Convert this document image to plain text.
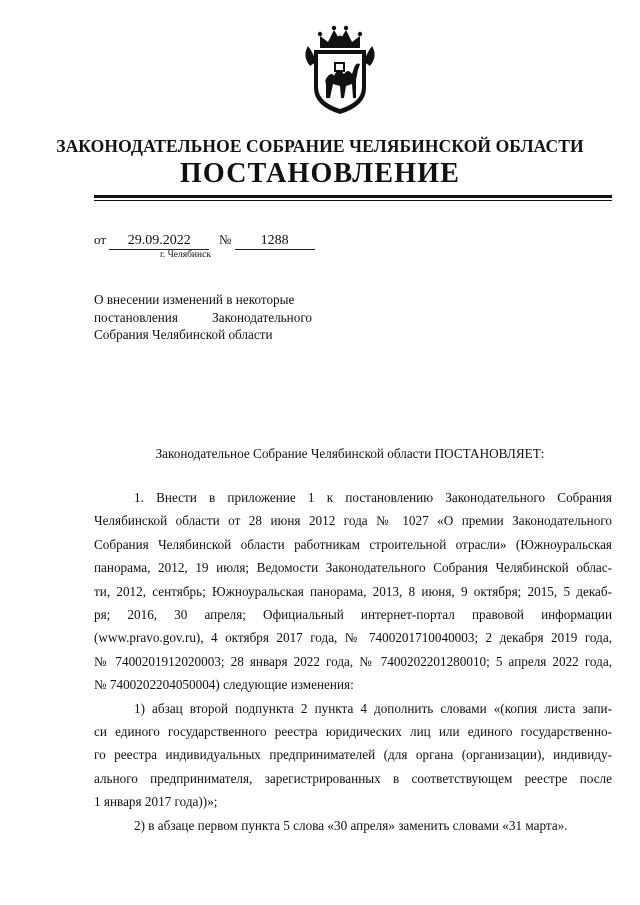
ЗАКОНОДАТЕЛЬНОЕ СОБРАНИЕ ЧЕЛЯБИНСКОЙ ОБЛАСТИ
ПОСТАНОВЛЕНИЕ
от 29.09.2022 № 1288
г. Челябинск
О внесении изменений в некоторые
постановления	Законодательного
Собрания Челябинской области
Законодательное Собрание Челябинской области ПОСТАНОВЛЯЕТ:
1. Внести в приложение 1 к постановлению Законодательного Собрания
Челябинской области от 28 июня 2012 года № 1027 «О премии Законодательного
Собрания Челябинской области работникам строительной отрасли» (Южноуральская
панорама, 2012, 19 июля; Ведомости Законодательного Собрания Челябинской облас-
ти, 2012, сентябрь; Южноуральская панорама, 2013, 8 июня, 9 октября; 2015, 5 декаб-
ря; 2016, 30 апреля; Официальный интернет-портал правовой информации
(www.pravo.gov.ru), 4 октября 2017 года, № 7400201710040003; 2 декабря 2019 года,
№ 7400201912020003; 28 января 2022 года, № 7400202201280010; 5 апреля 2022 года,
№ 7400202204050004) следующие изменения:
1) абзац второй подпункта 2 пункта 4 дополнить словами «(копия листа запи-
си единого государственного реестра юридических лиц или единого государственно-
го реестра индивидуальных предпринимателей (для органа (организации), индивиду-
ального предпринимателя, зарегистрированных в соответствующем реестре после
1 января 2017 года))»;
2) в абзаце первом пункта 5 слова «30 апреля» заменить словами «31 марта».
